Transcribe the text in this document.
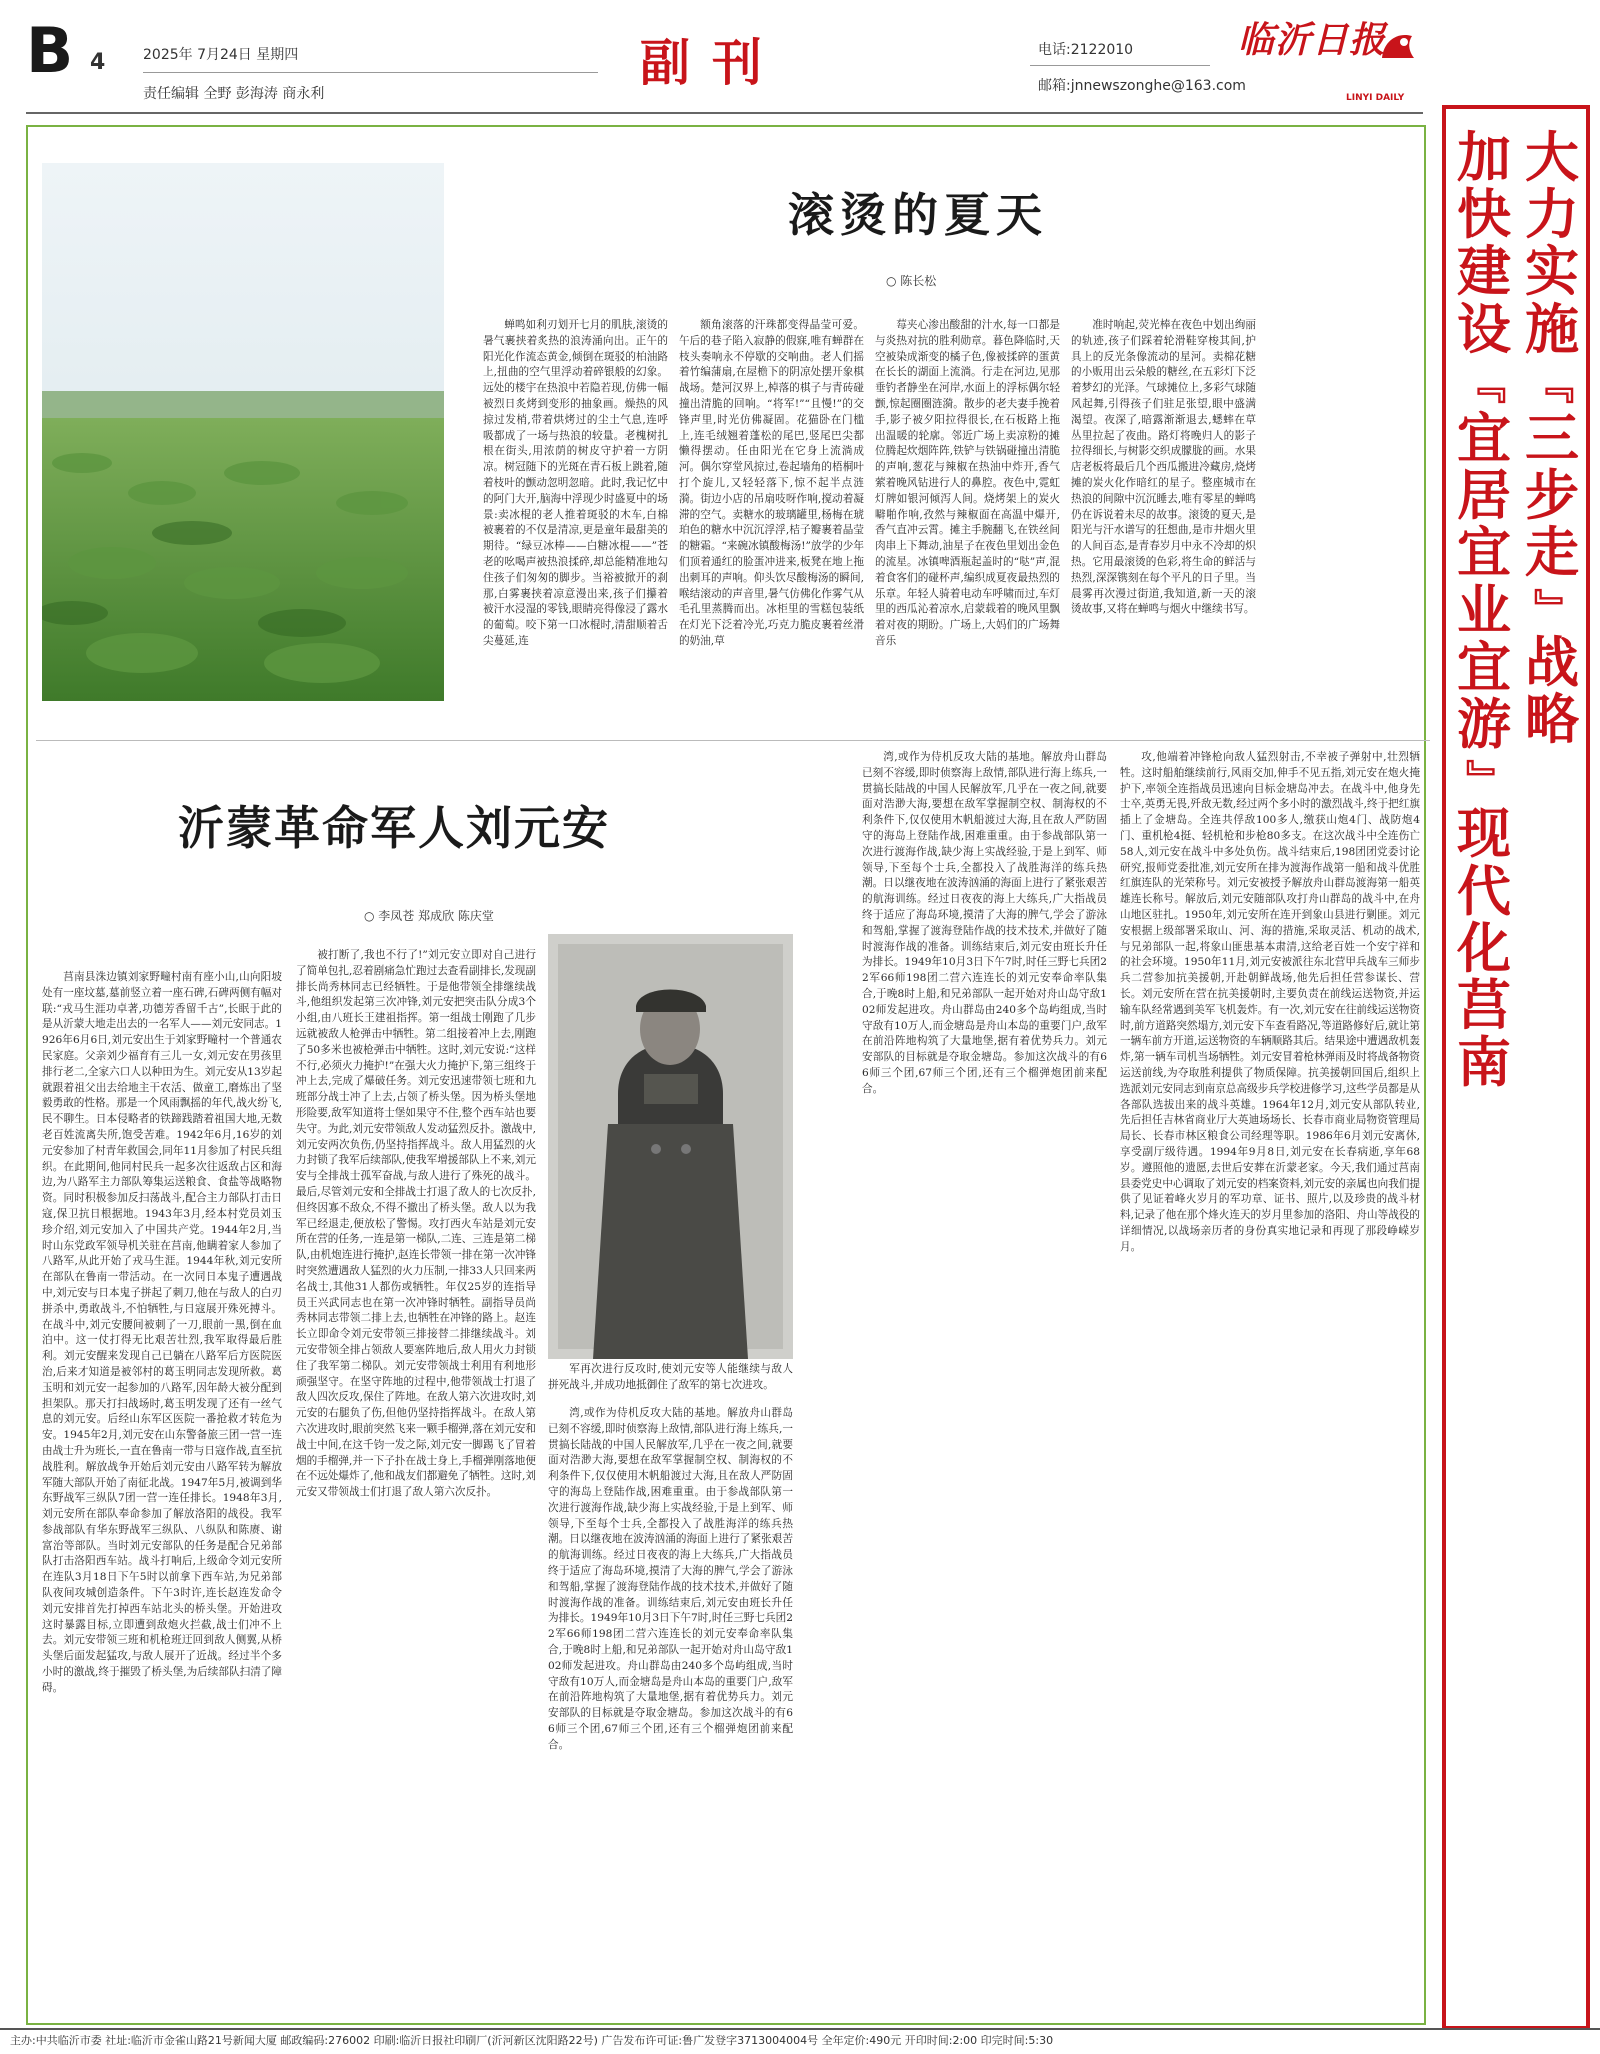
B 4	2025年 7月24日 星期四
责任编辑 全野 彭海涛 商永利
副刊	电话:2122010
邮箱:jnnewszonghe@163.com
临沂日报
LINYI DAILY
大
力
实
施
『
三
步
走
』
战
略
加
快
建
设
『
宜
居
宜
业
宜
游
』
现
代
化
莒
南
滚烫的夏天
○ 陈长松

蝉鸣如利刃划开七月的肌肤,滚烫的暑气裹挟着炙热的浪涛涌向出。正午的阳光化作流态黄金,倾倒在斑驳的柏油路上,扭曲的空气里浮动着碎银般的幻象。远处的楼宇在热浪中若隐若现,仿佛一幅被烈日炙烤到变形的抽象画。燥热的风掠过发梢,带着烘烤过的尘土气息,连呼吸都成了一场与热浪的较量。老槐树扎根在街头,用浓荫的树皮守护着一方阴凉。树冠随下的光斑在青石板上跳着,随着枝叶的颤动忽明忽暗。此时,我记忆中的阿门大开,脑海中浮现少时盛夏中的场景:卖冰棍的老人推着斑驳的木车,白棉被裹着的不仅是清凉,更是童年最甜美的期待。“绿豆冰棒——白糖冰棍——”苍老的吆喝声被热浪揉碎,却总能精准地勾住孩子们匆匆的脚步。当裕被掀开的刹那,白雾裹挟着凉意漫出来,孩子们攥着被汗水浸湿的零钱,眼睛亮得像浸了露水的葡萄。咬下第一口冰棍时,清甜顺着舌尖蔓延,连

额角滚落的汗珠都变得晶莹可爱。午后的巷子陷入寂静的假寐,唯有蝉群在枝头奏响永不停歇的交响曲。老人们摇着竹编蒲扇,在屋檐下的阴凉处摆开象棋战场。楚河汉界上,棹落的棋子与青砖碰撞出清脆的回响。“将军!”“且慢!”的交锋声里,时光仿佛凝固。花猫卧在门槛上,连毛绒翘着蓬松的尾巴,竖尾巴尖都懒得摆动。任由阳光在它身上流淌成河。偶尔穿堂风掠过,卷起墙角的梧桐叶打个旋儿,又轻轻落下,惊不起半点涟漪。街边小店的吊扇吱呀作响,搅动着凝滞的空气。卖糖水的玻璃罐里,杨梅在琥珀色的糖水中沉沉浮浮,桔子瓣裹着晶莹的糖霜。“来碗冰镇酸梅汤!”放学的少年们顶着通红的脸蛋冲进来,板凳在地上拖出刺耳的声响。仰头饮尽酸梅汤的瞬间,喉结滚动的声音里,暑气仿佛化作雾气从毛孔里蒸腾而出。冰柜里的雪糕包装纸在灯光下泛着冷光,巧克力脆皮裹着丝滑的奶油,草

莓夹心渗出酸甜的汁水,每一口都是与炎热对抗的胜利勋章。暮色降临时,天空被染成渐变的橘子色,像被揉碎的蛋黄在长长的湖面上流淌。行走在河边,见那垂钓者静坐在河岸,水面上的浮标偶尔轻颤,惊起圈圈涟漪。散步的老夫妻手挽着手,影子被夕阳拉得很长,在石板路上拖出温暖的轮廓。邻近广场上卖凉粉的摊位腾起炊烟阵阵,铁铲与铁锅碰撞出清脆的声响,葱花与辣椒在热油中炸开,香气萦着晚风钻进行人的鼻腔。夜色中,霓虹灯牌如银河倾泻人间。烧烤架上的炭火噼啪作响,孜然与辣椒面在高温中爆开,香气直冲云霄。摊主手腕翻飞,在铁丝间肉串上下舞动,油星子在夜色里划出金色的流星。冰镇啤酒瓶起盖时的“哒”声,混着食客们的碰杯声,编织成夏夜最热烈的乐章。年轻人骑着电动车呼啸而过,车灯里的西瓜沁着凉水,启蒙载着的晚风里飘着对夜的期盼。广场上,大妈们的广场舞音乐

准时响起,荧光棒在夜色中划出绚丽的轨迹,孩子们踩着轮滑鞋穿梭其间,护具上的反光条像流动的星河。卖棉花糖的小贩用出云朵般的糖丝,在五彩灯下泛着梦幻的光泽。气球摊位上,多彩气球随风起舞,引得孩子们驻足张望,眼中盛满渴望。夜深了,暗露渐渐退去,蟋蟀在草丛里拉起了夜曲。路灯将晚归人的影子拉得细长,与树影交织成朦胧的画。水果店老板将最后几个西瓜搬进冷藏房,烧烤摊的炭火化作暗红的星子。整座城市在热浪的间隙中沉沉睡去,唯有零星的蝉鸣仍在诉说着未尽的故事。滚烫的夏天,是阳光与汗水谱写的狂想曲,是市井烟火里的人间百态,是青春岁月中永不冷却的炽热。它用最滚烫的色彩,将生命的鲜活与热烈,深深镌刻在每个平凡的日子里。当晨雾再次漫过街道,我知道,新一天的滚烫故事,又将在蝉鸣与烟火中继续书写。

沂蒙革命军人刘元安
○ 李凤苍 郑成欣 陈庆堂

莒南县洙边镇刘家野疃村南有座小山,山向阳坡处有一座坟墓,墓前竖立着一座石碑,石碑两侧有幅对联:“戎马生涯功卓著,功德芳香留千古”,长眠于此的是从沂蒙大地走出去的一名军人——刘元安同志。1926年6月6日,刘元安出生于刘家野疃村一个普通农民家庭。父亲刘少福育有三儿一女,刘元安在男孩里排行老二,全家六口人以种田为生。刘元安从13岁起就跟着祖父出去给地主干农活、做童工,磨炼出了坚毅勇敢的性格。那是一个风雨飘摇的年代,战火纷飞,民不聊生。日本侵略者的铁蹄践踏着祖国大地,无数老百姓流离失所,饱受苦难。1942年6月,16岁的刘元安参加了村青年救国会,同年11月参加了村民兵组织。在此期间,他同村民兵一起多次往返敌占区和海边,为八路军主力部队筹集运送粮食、食盐等战略物资。同时积极参加反扫荡战斗,配合主力部队打击日寇,保卫抗日根据地。1943年3月,经本村党员刘玉珍介绍,刘元安加入了中国共产党。1944年2月,当时山东党政军领导机关驻在莒南,他瞒着家人参加了八路军,从此开始了戎马生涯。1944年秋,刘元安所在部队在鲁南一带活动。在一次同日本鬼子遭遇战中,刘元安与日本鬼子拼起了刺刀,他在与敌人的白刃拼杀中,勇敢战斗,不怕牺牲,与日寇展开殊死搏斗。在战斗中,刘元安腰间被刺了一刀,眼前一黑,倒在血泊中。这一仗打得无比艰苦壮烈,我军取得最后胜利。刘元安醒来发现自己已躺在八路军后方医院医治,后来才知道是被邻村的葛玉明同志发现所救。葛玉明和刘元安一起参加的八路军,因年龄大被分配到担架队。那天打扫战场时,葛玉明发现了还有一丝气息的刘元安。后经山东军区医院一番抢救才转危为安。1945年2月,刘元安在山东警备旅三团一营一连由战士升为班长,一直在鲁南一带与日寇作战,直至抗战胜利。解放战争开始后刘元安由八路军转为解放军随大部队开始了南征北战。1947年5月,被调到华东野战军三纵队7团一营一连任排长。1948年3月,刘元安所在部队奉命参加了解放洛阳的战役。我军参战部队有华东野战军三纵队、八纵队和陈赓、谢富治等部队。当时刘元安部队的任务是配合兄弟部队打击洛阳西车站。战斗打响后,上级命令刘元安所在连队3月18日下午5时以前拿下西车站,为兄弟部队夜间攻城创造条件。下午3时许,连长赵连发命令刘元安排首先打掉西车站北头的桥头堡。开始进攻这时暴露目标,立即遭到敌炮火拦截,战士们冲不上去。刘元安带领三班和机枪班迂回到敌人侧翼,从桥头堡后面发起猛攻,与敌人展开了近战。经过半个多小时的激战,终于摧毁了桥头堡,为后续部队扫清了障碍。

被打断了,我也不行了!”刘元安立即对自己进行了简单包扎,忍着剧痛急忙跑过去查看副排长,发现副排长尚秀林同志已经牺牲。于是他带领全排继续战斗,他组织发起第三次冲锋,刘元安把突击队分成3个小组,由八班长王建祖指挥。第一组战士刚跑了几步远就被敌人枪弹击中牺牲。第二组接着冲上去,刚跑了50多米也被枪弹击中牺牲。这时,刘元安说:“这样不行,必须火力掩护!”在强大火力掩护下,第三组终于冲上去,完成了爆破任务。刘元安迅速带领七班和九班部分战士冲了上去,占领了桥头堡。因为桥头堡地形险要,敌军知道将士堡如果守不住,整个西车站也要失守。为此,刘元安带领敌人发动猛烈反扑。激战中,刘元安两次负伤,仍坚持指挥战斗。敌人用猛烈的火力封锁了我军后续部队,使我军增援部队上不来,刘元安与全排战士孤军奋战,与敌人进行了殊死的战斗。最后,尽管刘元安和全排战士打退了敌人的七次反扑,但终因寡不敌众,不得不撤出了桥头堡。敌人以为我军已经退走,便放松了警惕。攻打西火车站是刘元安所在营的任务,一连是第一梯队,二连、三连是第二梯队,由机炮连进行掩护,赵连长带领一排在第一次冲锋时突然遭遇敌人猛烈的火力压制,一排33人只回来两名战士,其他31人都伤或牺牲。年仅25岁的连指导员王兴武同志也在第一次冲锋时牺牲。副指导员尚秀林同志带领二排上去,也牺牲在冲锋的路上。赵连长立即命令刘元安带领三排接替二排继续战斗。刘元安带领全排占领敌人要塞阵地后,敌人用火力封锁住了我军第二梯队。刘元安带领战士利用有利地形顽强坚守。在坚守阵地的过程中,他带领战士打退了敌人四次反攻,保住了阵地。在敌人第六次进攻时,刘元安的右腿负了伤,但他仍坚持指挥战斗。在敌人第六次进攻时,眼前突然飞来一颗手榴弹,落在刘元安和战士中间,在这千钧一发之际,刘元安一脚踢飞了冒着烟的手榴弹,并一下子扑在战士身上,手榴弹刚落地便在不远处爆炸了,他和战友们都避免了牺牲。这时,刘元安又带领战士们打退了敌人第六次反扑。

军再次进行反攻时,使刘元安等人能继续与敌人拼死战斗,并成功地抵御住了敌军的第七次进攻。

湾,或作为侍机反攻大陆的基地。解放舟山群岛已刻不容缓,即时侦察海上敌情,部队进行海上练兵,一贯搞长陆战的中国人民解放军,几乎在一夜之间,就要面对浩渺大海,要想在敌军掌握制空权、制海权的不利条件下,仅仅使用木帆船渡过大海,且在敌人严防固守的海岛上登陆作战,困难重重。由于参战部队第一次进行渡海作战,缺少海上实战经验,于是上到军、师领导,下至每个士兵,全都投入了战胜海洋的练兵热潮。日以继夜地在波涛汹涌的海面上进行了紧张艰苦的航海训练。经过日夜夜的海上大练兵,广大指战员终于适应了海岛环境,摸清了大海的脾气,学会了游泳和驾船,掌握了渡海登陆作战的技术技术,并做好了随时渡海作战的准备。训练结束后,刘元安由班长升任为排长。1949年10月3日下午7时,时任三野七兵团22军66师198团二营六连连长的刘元安奉命率队集合,于晚8时上船,和兄弟部队一起开始对舟山岛守敌102师发起进攻。舟山群岛由240多个岛屿组成,当时守敌有10万人,而金塘岛是舟山本岛的重要门户,敌军在前沿阵地构筑了大量地堡,据有着优势兵力。刘元安部队的目标就是夺取金塘岛。参加这次战斗的有66师三个团,67师三个团,还有三个榴弹炮团前来配合。

湾,或作为侍机反攻大陆的基地。解放舟山群岛已刻不容缓,即时侦察海上敌情,部队进行海上练兵,一贯搞长陆战的中国人民解放军,几乎在一夜之间,就要面对浩渺大海,要想在敌军掌握制空权、制海权的不利条件下,仅仅使用木帆船渡过大海,且在敌人严防固守的海岛上登陆作战,困难重重。由于参战部队第一次进行渡海作战,缺少海上实战经验,于是上到军、师领导,下至每个士兵,全都投入了战胜海洋的练兵热潮。日以继夜地在波涛汹涌的海面上进行了紧张艰苦的航海训练。经过日夜夜的海上大练兵,广大指战员终于适应了海岛环境,摸清了大海的脾气,学会了游泳和驾船,掌握了渡海登陆作战的技术技术,并做好了随时渡海作战的准备。训练结束后,刘元安由班长升任为排长。1949年10月3日下午7时,时任三野七兵团22军66师198团二营六连连长的刘元安奉命率队集合,于晚8时上船,和兄弟部队一起开始对舟山岛守敌102师发起进攻。舟山群岛由240多个岛屿组成,当时守敌有10万人,而金塘岛是舟山本岛的重要门户,敌军在前沿阵地构筑了大量地堡,据有着优势兵力。刘元安部队的目标就是夺取金塘岛。参加这次战斗的有66师三个团,67师三个团,还有三个榴弹炮团前来配合。

攻,他端着冲锋枪向敌人猛烈射击,不幸被子弹射中,壮烈牺牲。这时船舶继续前行,风雨交加,伸手不见五指,刘元安在炮火掩护下,率领全连指战员迅速向目标金塘岛冲去。在战斗中,他身先士卒,英勇无畏,歼敌无数,经过两个多小时的激烈战斗,终于把红旗插上了金塘岛。全连共俘敌100多人,缴获山炮4门、战防炮4门、重机枪4挺、轻机枪和步枪80多支。在这次战斗中全连伤亡58人,刘元安在战斗中多处负伤。战斗结束后,198团团党委讨论研究,报师党委批准,刘元安所在排为渡海作战第一船和战斗优胜红旗连队的光荣称号。刘元安被授予解放舟山群岛渡海第一船英雄连长称号。解放后,刘元安随部队攻打舟山群岛的战斗中,在舟山地区驻扎。1950年,刘元安所在连开到象山县进行剿匪。刘元安根据上级部署采取山、河、海的措施,采取灵活、机动的战术,与兄弟部队一起,将象山匪患基本肃清,这给老百姓一个安宁祥和的社会环境。1950年11月,刘元安被派往东北营甲兵战车三师步兵二营参加抗美援朝,开赴朝鲜战场,他先后担任营参谋长、营长。刘元安所在营在抗美援朝时,主要负责在前线运送物资,并运输车队经常遇到美军飞机轰炸。有一次,刘元安在往前线运送物资时,前方道路突然塌方,刘元安下车查看路况,等道路修好后,就让第一辆车前方开道,运送物资的车辆顺路其后。结果途中遭遇敌机轰炸,第一辆车司机当场牺牲。刘元安冒着枪林弹雨及时将战备物资运送前线,为夺取胜利提供了物质保障。抗美援朝回国后,组织上选派刘元安同志到南京总高级步兵学校进修学习,这些学员都是从各部队选拔出来的战斗英雄。1964年12月,刘元安从部队转业,先后担任吉林省商业厅大英迪场场长、长春市商业局物资管理局局长、长春市林区粮食公司经理等职。1986年6月刘元安离休,享受副厅级待遇。1994年9月8日,刘元安在长春病逝,享年68岁。遵照他的遗愿,去世后安葬在沂蒙老家。今天,我们通过莒南县委党史中心调取了刘元安的档案资料,刘元安的亲属也向我们提供了见证着峰火岁月的军功章、证书、照片,以及珍贵的战斗材料,记录了他在那个烽火连天的岁月里参加的洛阳、舟山等战役的详细情况,以战场亲历者的身份真实地记录和再现了那段峥嵘岁月。

主办:中共临沂市委 社址:临沂市金雀山路21号新闻大厦 邮政编码:276002 印刷:临沂日报社印刷厂(沂河新区沈阳路22号) 广告发布许可证:鲁广发登字3713004004号 全年定价:490元 开印时间:2:00 印完时间:5:30
